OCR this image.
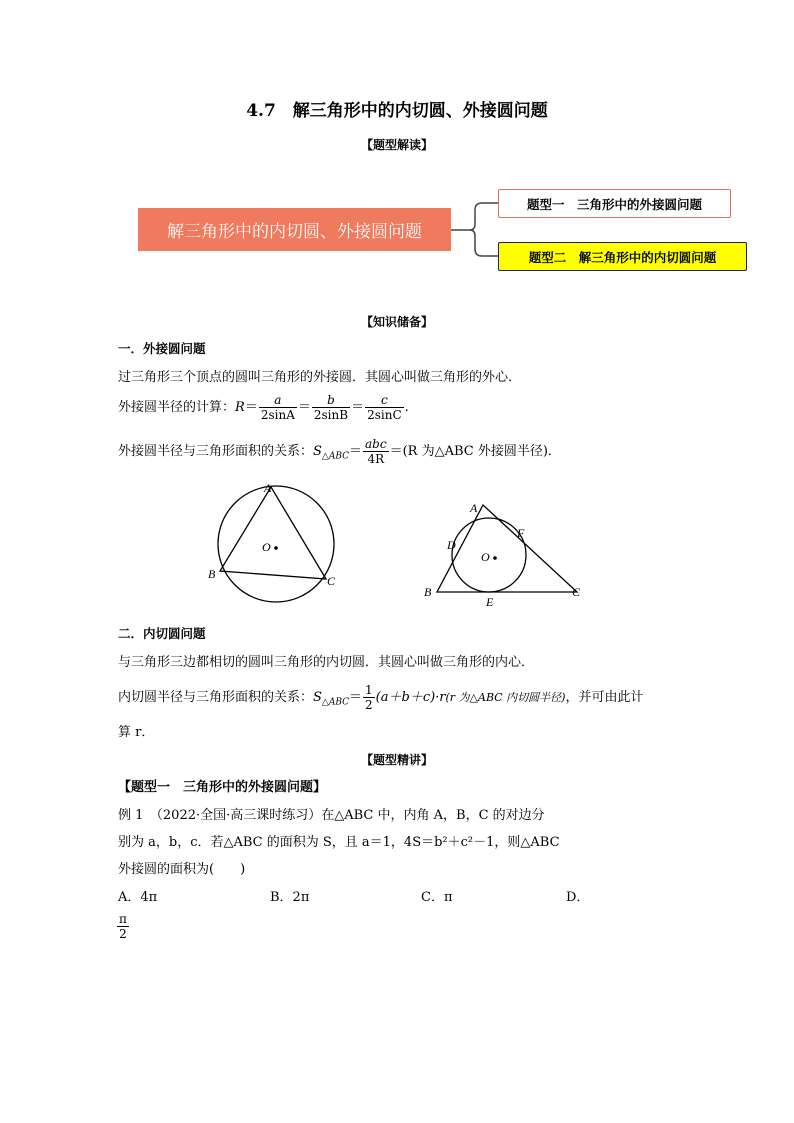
4.7　解三角形中的内切圆、外接圆问题
【题型解读】
解三角形中的内切圆、外接圆问题
题型一　三角形中的外接圆问题
题型二　解三角形中的内切圆问题
【知识储备】
一．外接圆问题
过三角形三个顶点的圆叫三角形的外接圆．其圆心叫做三角形的外心．
外接圆半径的计算：$R= \frac{a}{2\sin A} = \frac{b}{2\sin B} = \frac{c}{2\sin C}$ .
外接圆半径与三角形面积的关系：$S_{\triangle ABC}= \frac{\text{abc}}{4R} =(R$ 为△ABC 外接圆半径)．
O
A
B	C
O
A
B	C
D
E
F
二．内切圆问题
与三角形三边都相切的圆叫三角形的内切圆．其圆心叫做三角形的内心．
内切圆半径与三角形面积的关系：$S_{\triangle ABC}= \frac{1}{2} (a+b+c)\cdot r(r$ 为△ABC 内切圆半径)，并可由此计
算 r．
【题型精讲】
【题型一　三角形中的外接圆问题】
例 1　（2022·全国·高三课时练习）在△ABC 中，内角 A，B，C 的对边分
别为 a，b，c．若△ABC 的面积为 S，且 a＝1，4S＝b²＋c²－1，则△ABC
外接圆的面积为(　　)
A．4π	B．2π	C．π	D．
$\frac{\pi}{2}$
